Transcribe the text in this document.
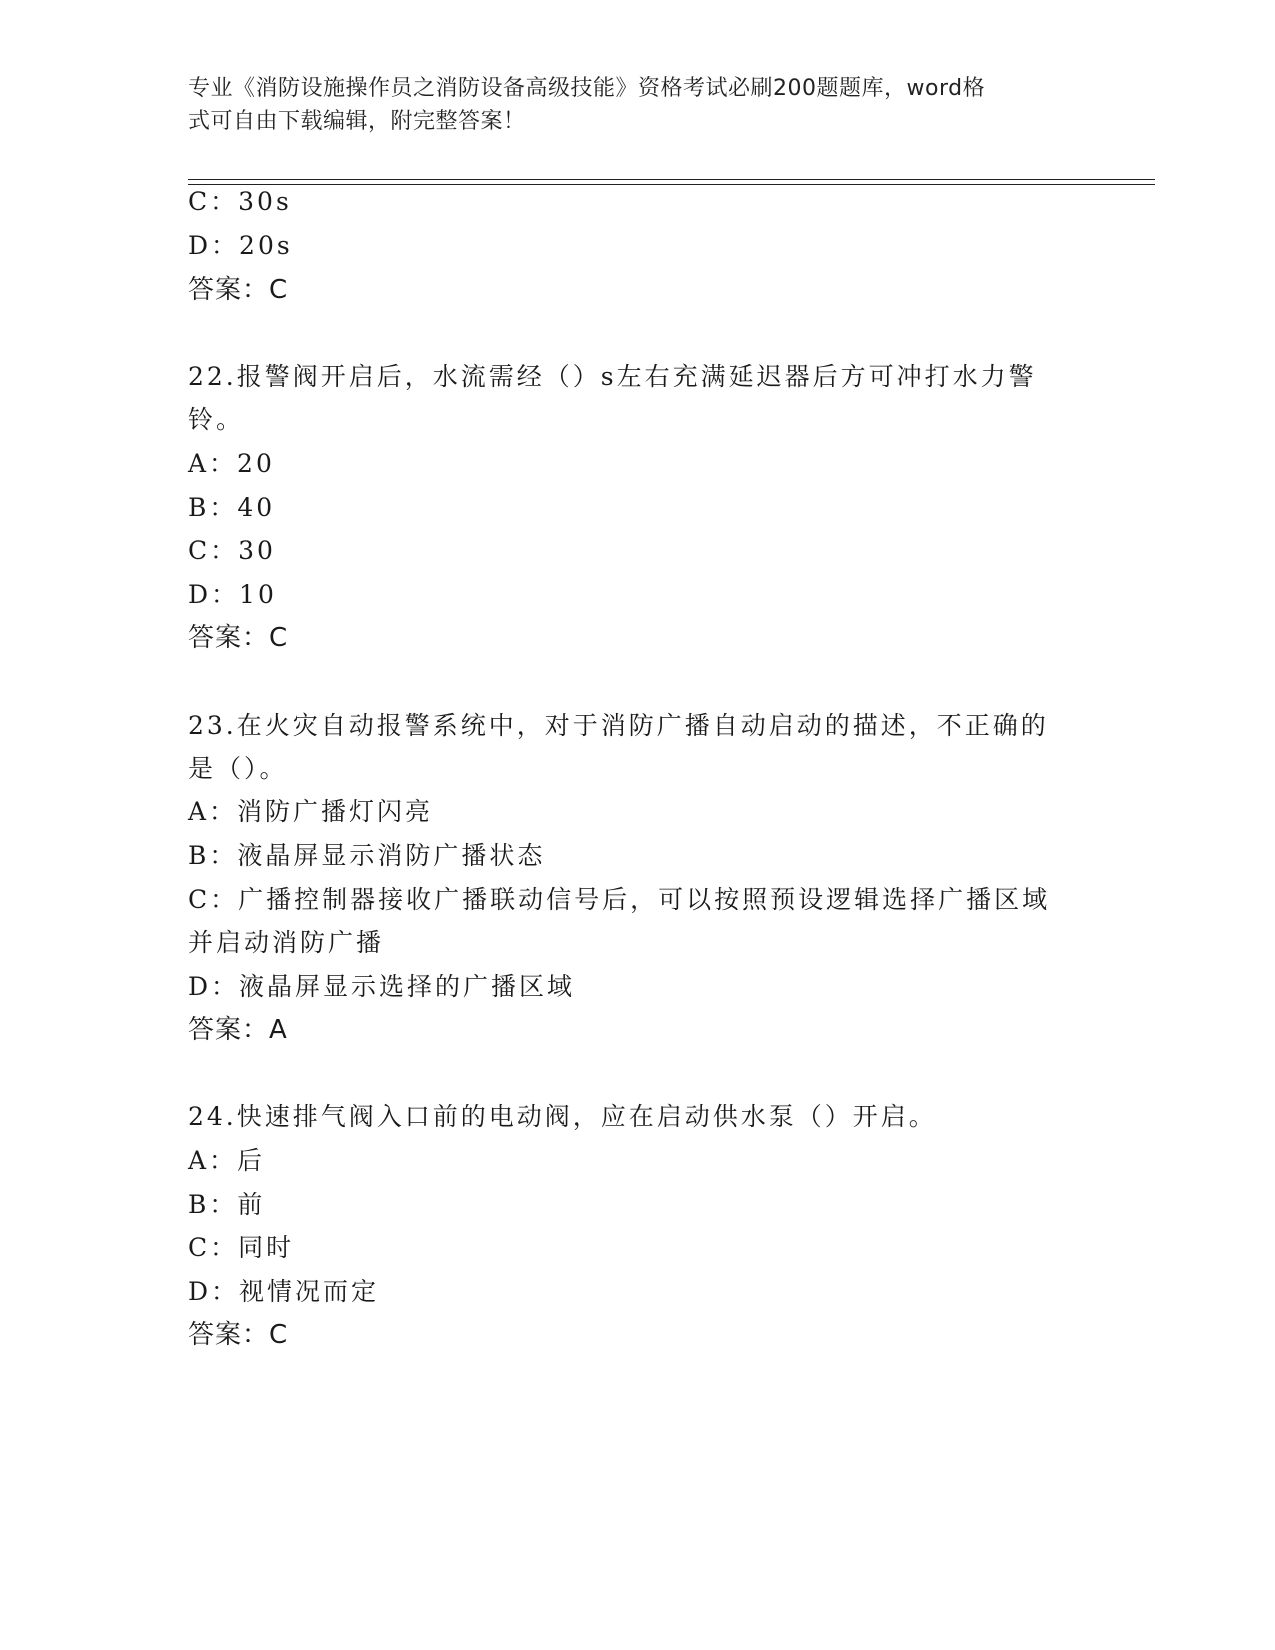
专业《消防设施操作员之消防设备高级技能》资格考试必刷200题题库，word格
式可自由下载编辑，附完整答案！
C：30s
D：20s
答案：C
22.报警阀开启后，水流需经（）s左右充满延迟器后方可冲打水力警
铃。
A：20
B：40
C：30
D：10
答案：C
23.在火灾自动报警系统中，对于消防广播自动启动的描述，不正确的
是（）。
A：消防广播灯闪亮
B：液晶屏显示消防广播状态
C：广播控制器接收广播联动信号后，可以按照预设逻辑选择广播区域
并启动消防广播
D：液晶屏显示选择的广播区域
答案：A
24.快速排气阀入口前的电动阀，应在启动供水泵（）开启。
A：后
B：前
C：同时
D：视情况而定
答案：C
